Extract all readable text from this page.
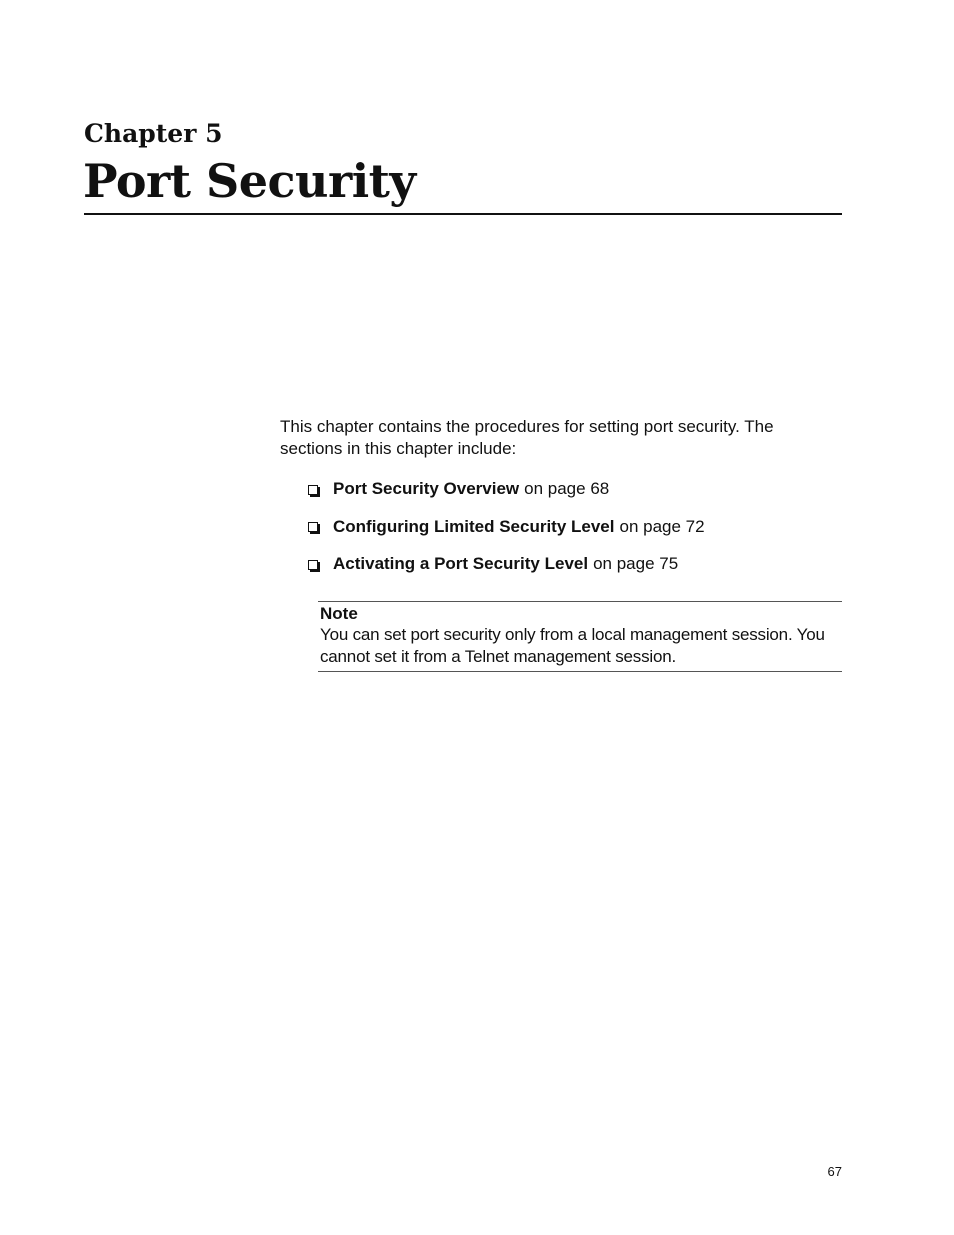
Chapter 5
Port Security

This chapter contains the procedures for setting port security. The sections in this chapter include:

Port Security Overview on page 68
Configuring Limited Security Level on page 72
Activating a Port Security Level on page 75

Note

You can set port security only from a local management session. You cannot set it from a Telnet management session.

67
